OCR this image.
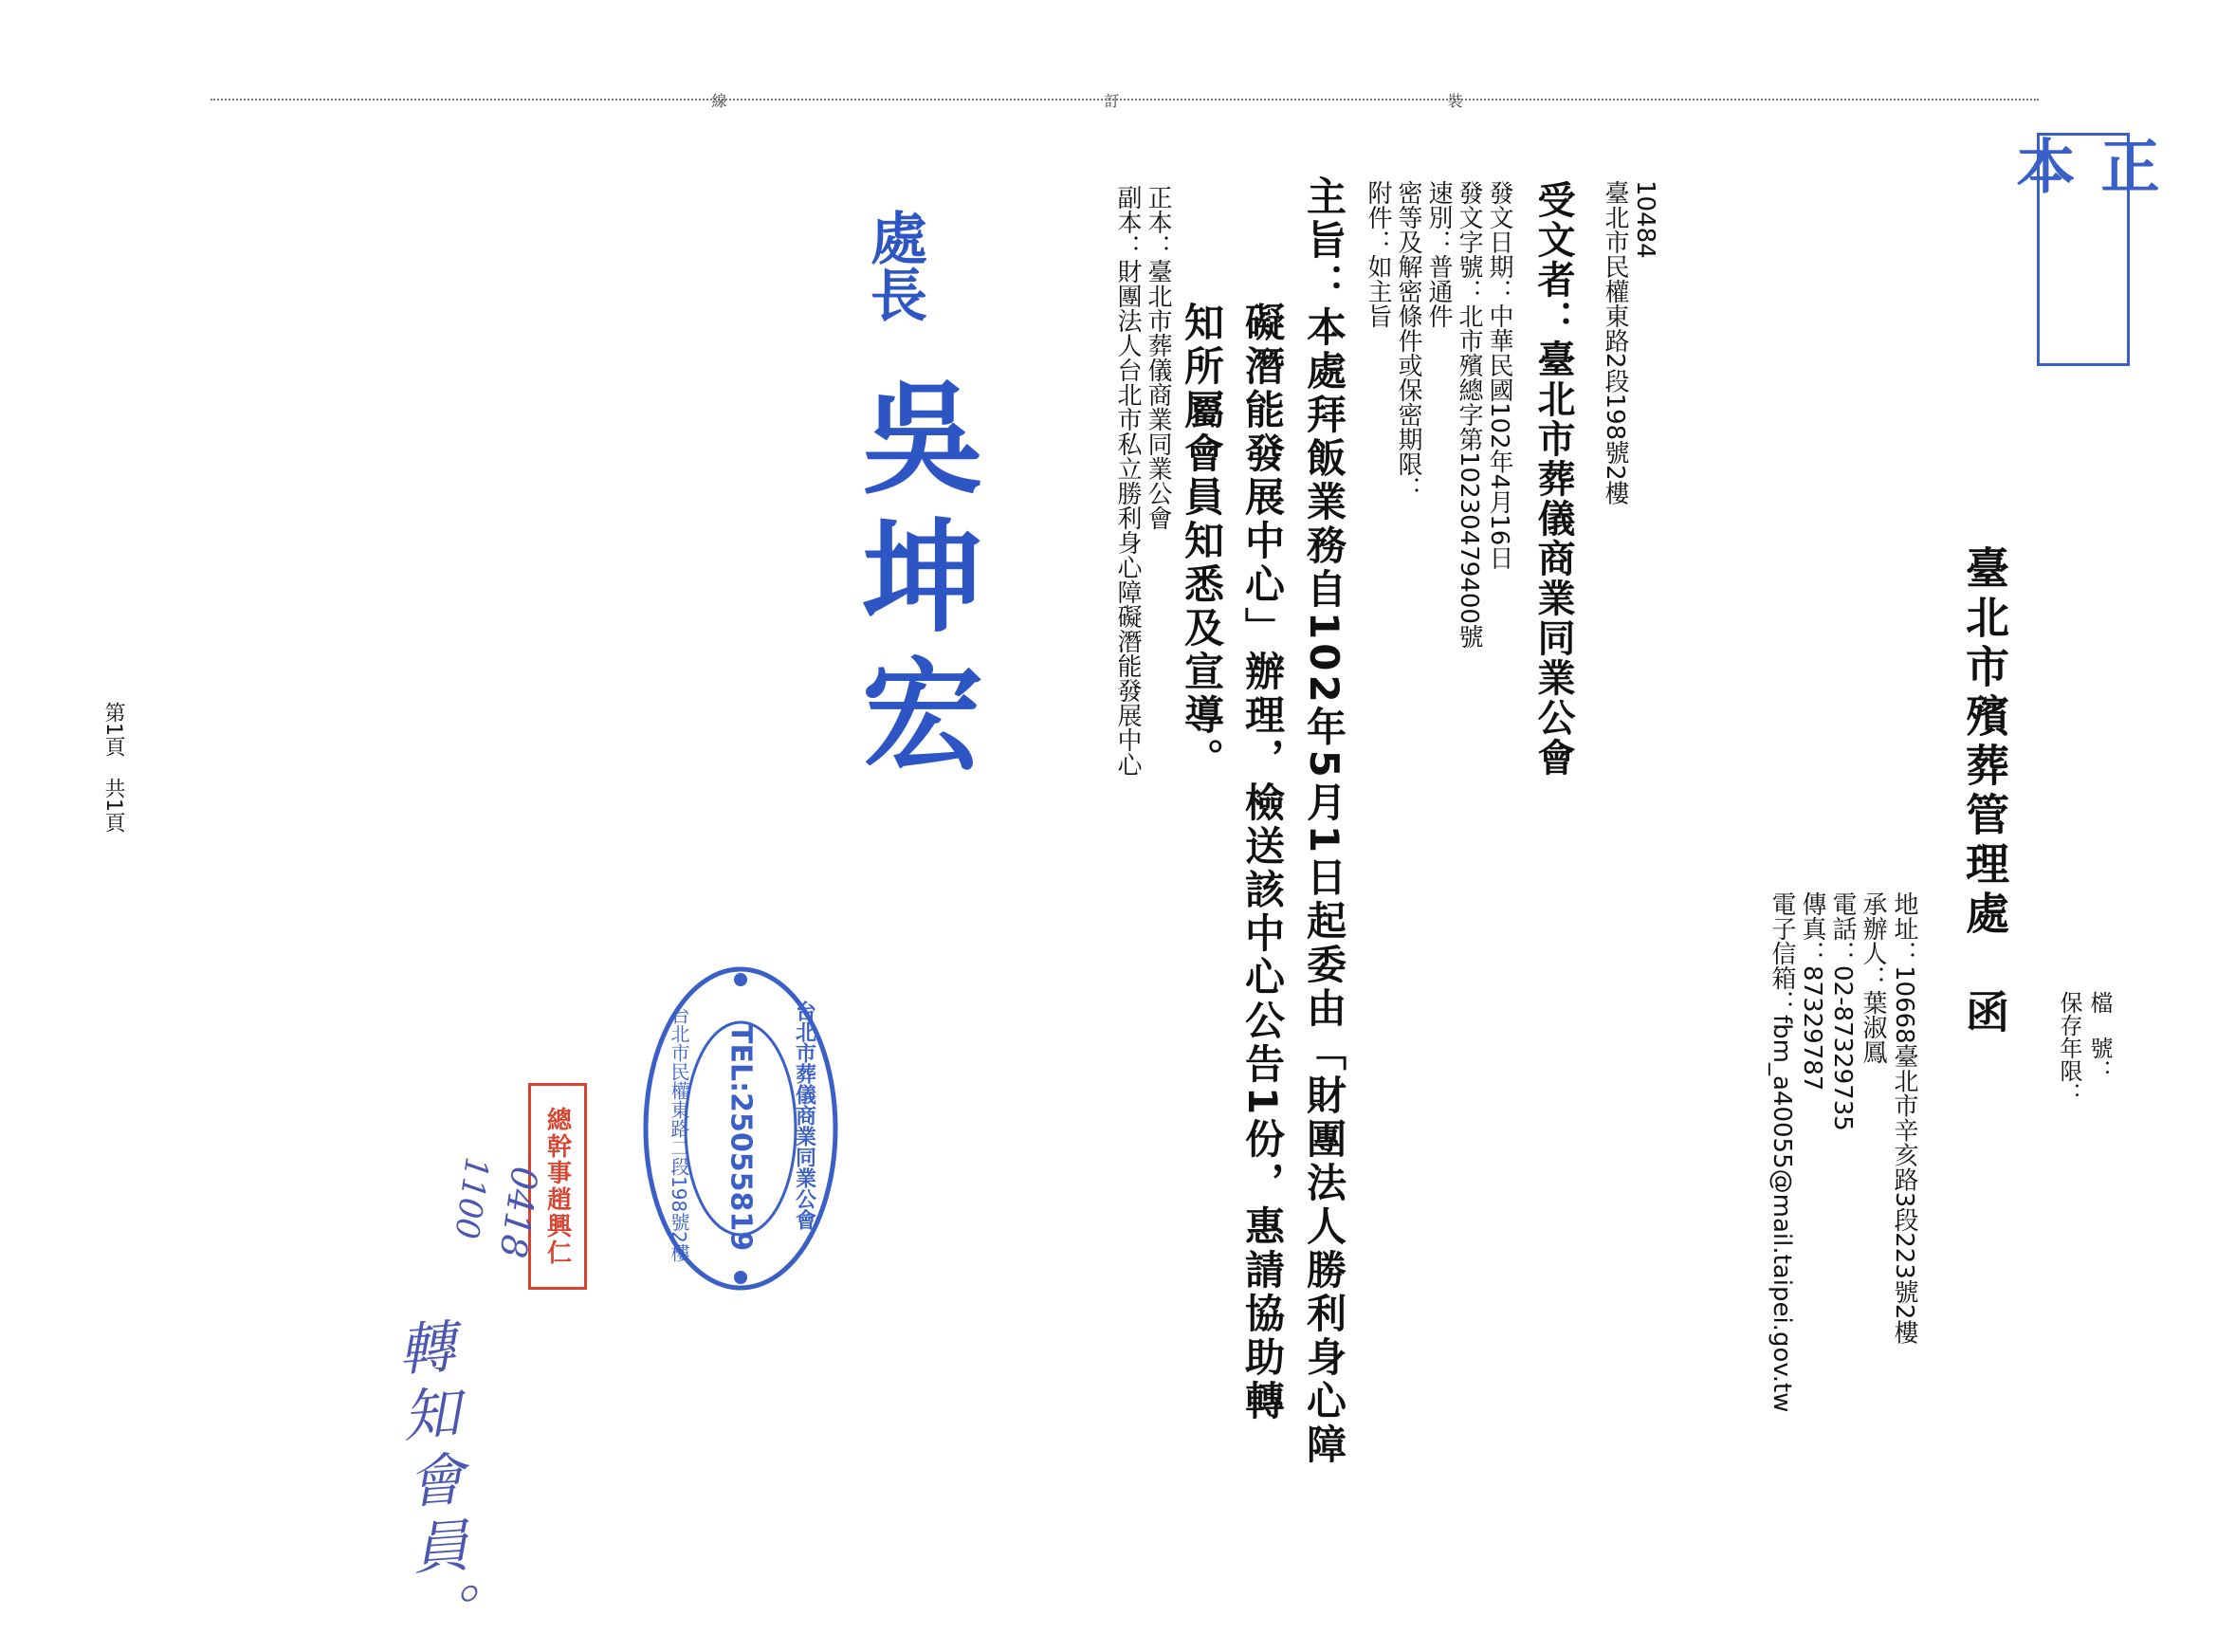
檔　號：
保存年限：
正 本
臺北市殯葬管理處　函
地址：10668臺北市辛亥路3段223號2樓
承辦人：葉淑鳳
電話：02-87329735
傳真：87329787
電子信箱：fbm_a40055@mail.taipei.gov.tw
10484
臺北市民權東路2段198號2樓
受文者：臺北市葬儀商業同業公會
發文日期：中華民國102年4月16日
發文字號：北市殯總字第10230479400號
速別：普通件
密等及解密條件或保密期限：
附件：如主旨
主旨：本處拜飯業務自102年5月1日起委由「財團法人勝利身心障
礙潛能發展中心」辦理，檢送該中心公告1份，惠請協助轉
知所屬會員知悉及宣導。
裝
訂
線
正本：臺北市葬儀商業同業公會
副本：財團法人台北市私立勝利身心障礙潛能發展中心
處長
吳坤宏
台北市葬儀商業同業公會
TEL:25055819
台北市民權東路二段198號2樓
總幹事趙興仁
0418
1100
轉知會員。
第1頁　共1頁
